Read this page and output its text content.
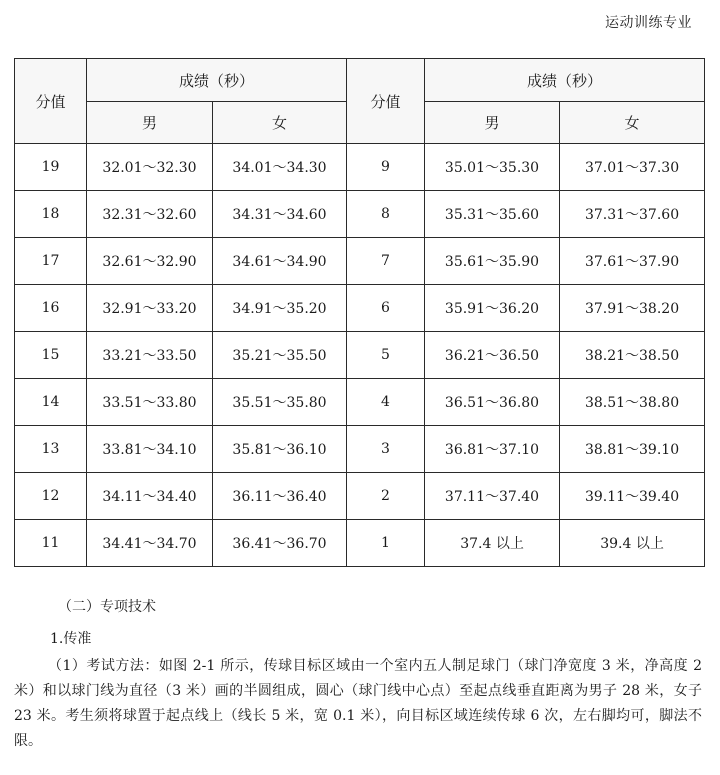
运动训练专业
分值	成绩（秒）		分值	成绩（秒）	
	男	女		男	女
19	32.01～32.30	34.01～34.30	9	35.01～35.30	37.01～37.30
18	32.31～32.60	34.31～34.60	8	35.31～35.60	37.31～37.60
17	32.61～32.90	34.61～34.90	7	35.61～35.90	37.61～37.90
16	32.91～33.20	34.91～35.20	6	35.91～36.20	37.91～38.20
15	33.21～33.50	35.21～35.50	5	36.21～36.50	38.21～38.50
14	33.51～33.80	35.51～35.80	4	36.51～36.80	38.51～38.80
13	33.81～34.10	35.81～36.10	3	36.81～37.10	38.81～39.10
12	34.11～34.40	36.11～36.40	2	37.11～37.40	39.11～39.40
11	34.41～34.70	36.41～36.70	1	37.4 以上	39.4 以上
（二）专项技术
1.传准
（1）考试方法：如图 2-1 所示，传球目标区域由一个室内五人制足球门（球门净宽度 3 米，净高度 2 米）和以球门线为直径（3 米）画的半圆组成，圆心（球门线中心点）至起点线垂直距离为男子 28 米，女子 23 米。考生须将球置于起点线上（线长 5 米，宽 0.1 米），向目标区域连续传球 6 次，左右脚均可，脚法不限。
